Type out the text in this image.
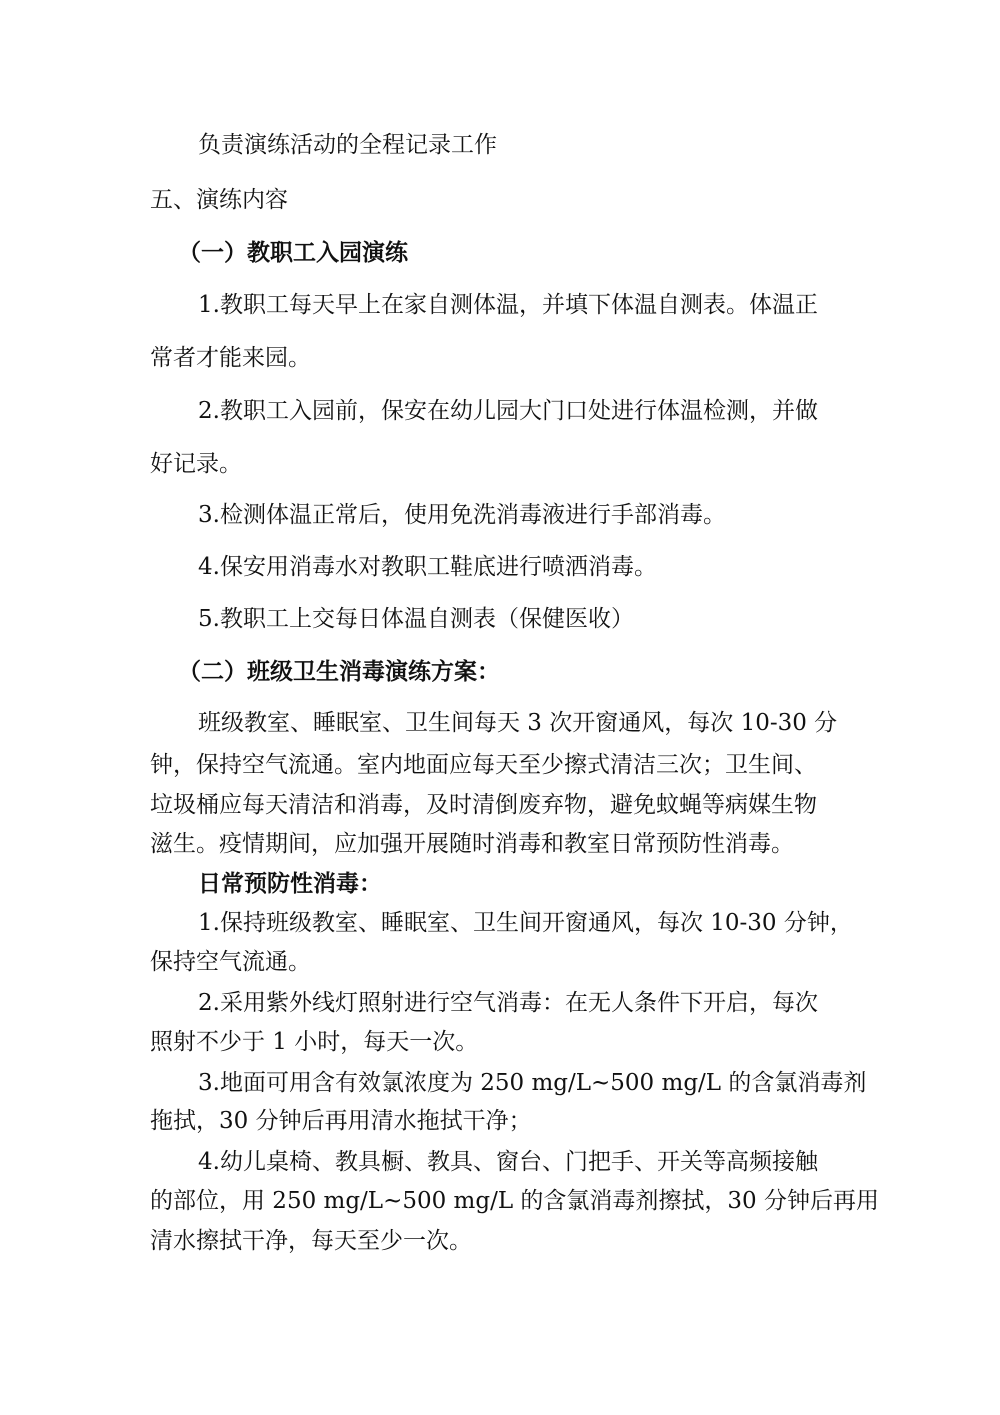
负责演练活动的全程记录工作
五、演练内容
（一）教职工入园演练
1.教职工每天早上在家自测体温，并填下体温自测表。体温正
常者才能来园。
2.教职工入园前，保安在幼儿园大门口处进行体温检测，并做
好记录。
3.检测体温正常后，使用免洗消毒液进行手部消毒。
4.保安用消毒水对教职工鞋底进行喷洒消毒。
5.教职工上交每日体温自测表（保健医收）
（二）班级卫生消毒演练方案：
班级教室、睡眠室、卫生间每天 3 次开窗通风，每次 10-30 分
钟，保持空气流通。室内地面应每天至少擦式清洁三次；卫生间、
垃圾桶应每天清洁和消毒，及时清倒废弃物，避免蚊蝇等病媒生物
滋生。疫情期间，应加强开展随时消毒和教室日常预防性消毒。
日常预防性消毒：
1.保持班级教室、睡眠室、卫生间开窗通风，每次 10-30 分钟，
保持空气流通。
2.采用紫外线灯照射进行空气消毒：在无人条件下开启，每次
照射不少于 1 小时，每天一次。
3.地面可用含有效氯浓度为 250 mg/L~500 mg/L 的含氯消毒剂
拖拭，30 分钟后再用清水拖拭干净；
4.幼儿桌椅、教具橱、教具、窗台、门把手、开关等高频接触
的部位，用 250 mg/L~500 mg/L 的含氯消毒剂擦拭，30 分钟后再用
清水擦拭干净，每天至少一次。
